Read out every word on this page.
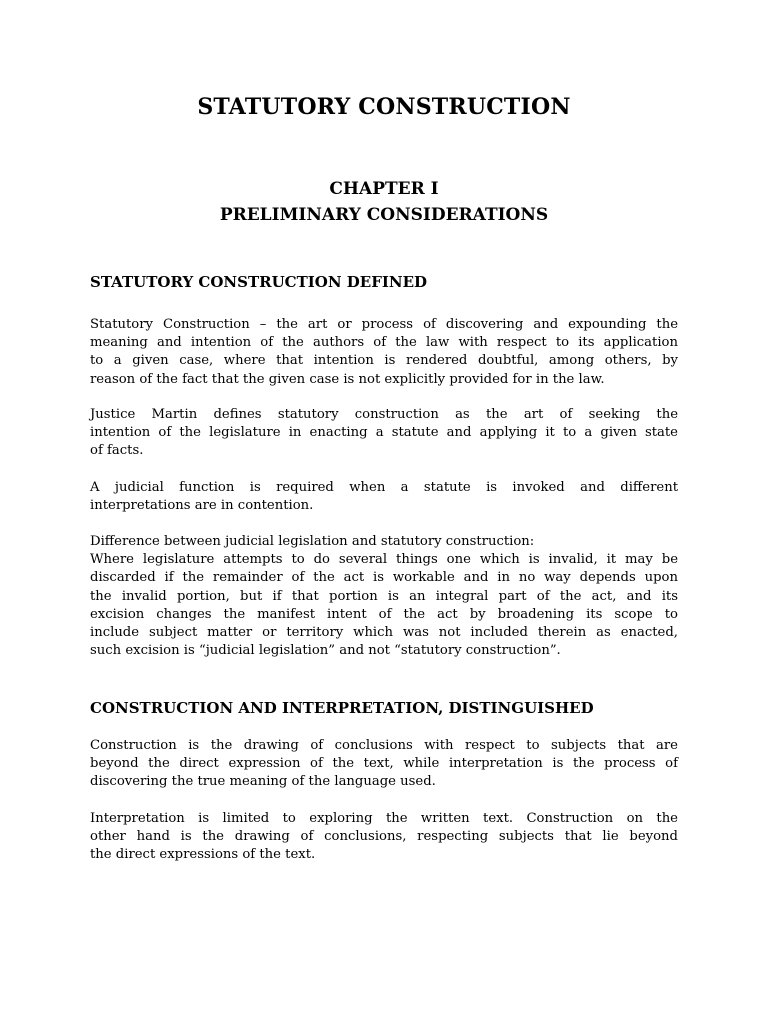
STATUTORY CONSTRUCTION
CHAPTER I
PRELIMINARY CONSIDERATIONS
STATUTORY CONSTRUCTION DEFINED

Statutory Construction – the art or process of discovering and expounding the
meaning and intention of the authors of the law with respect to its application
to a given case, where that intention is rendered doubtful, among others, by
reason of the fact that the given case is not explicitly provided for in the law.

Justice Martin defines statutory construction as the art of seeking the
intention of the legislature in enacting a statute and applying it to a given state
of facts.

A judicial function is required when a statute is invoked and different
interpretations are in contention.

Difference between judicial legislation and statutory construction:
Where legislature attempts to do several things one which is invalid, it may be
discarded if the remainder of the act is workable and in no way depends upon
the invalid portion, but if that portion is an integral part of the act, and its
excision changes the manifest intent of the act by broadening its scope to
include subject matter or territory which was not included therein as enacted,
such excision is “judicial legislation” and not “statutory construction”.

CONSTRUCTION AND INTERPRETATION, DISTINGUISHED

Construction is the drawing of conclusions with respect to subjects that are
beyond the direct expression of the text, while interpretation is the process of
discovering the true meaning of the language used.

Interpretation is limited to exploring the written text. Construction on the
other hand is the drawing of conclusions, respecting subjects that lie beyond
the direct expressions of the text.
